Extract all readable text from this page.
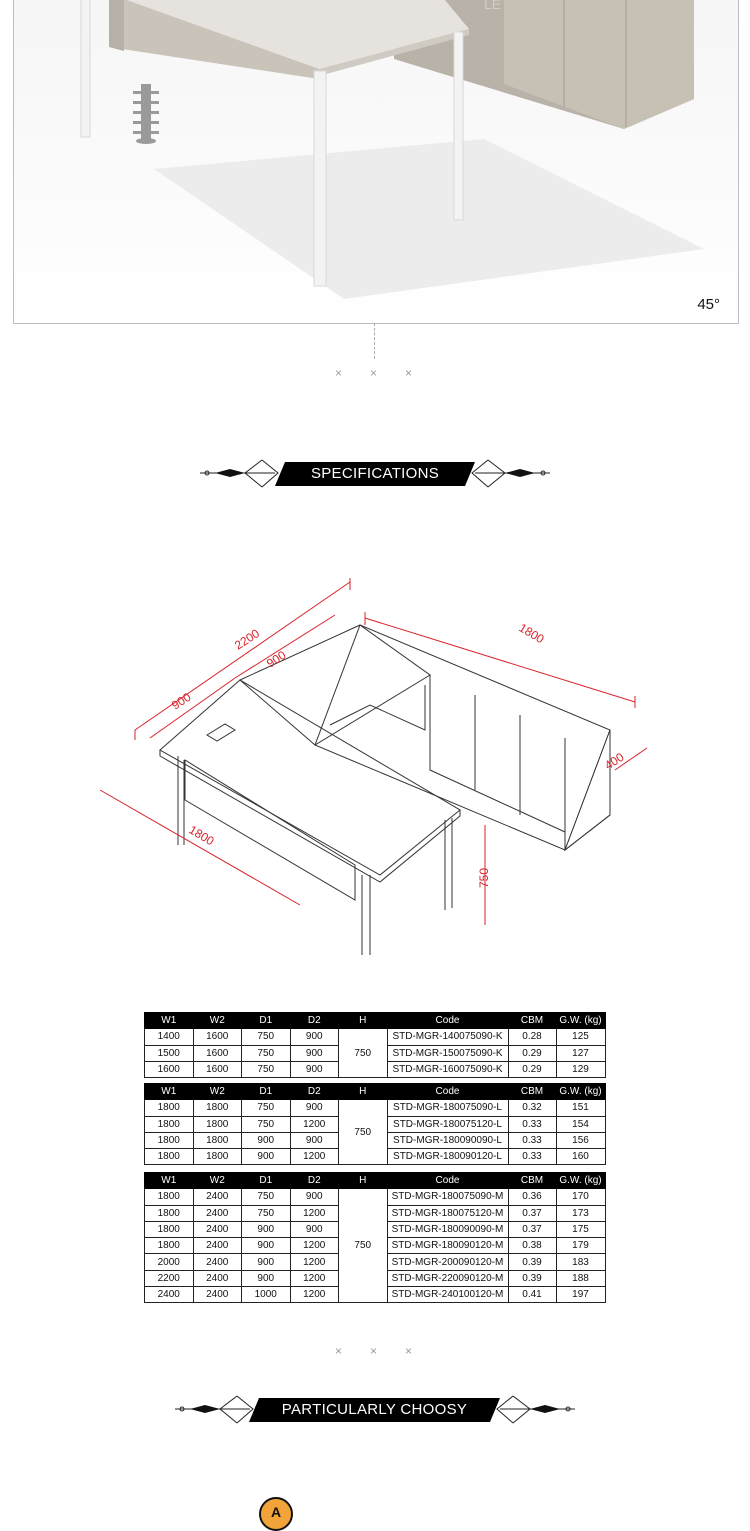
LE
45°
× × ×
SPECIFICATIONS
2200
900
900
1800
400
1800
750
W1	W2	D1	D2	H	Code	CBM	G.W. (kg)
1400	1600	750	900	750	STD-MGR-140075090-K	0.28	125
1500	1600	750	900		STD-MGR-150075090-K	0.29	127
1600	1600	750	900		STD-MGR-160075090-K	0.29	129
W1	W2	D1	D2	H	Code	CBM	G.W. (kg)
1800	1800	750	900	750	STD-MGR-180075090-L	0.32	151
1800	1800	750	1200		STD-MGR-180075120-L	0.33	154
1800	1800	900	900		STD-MGR-180090090-L	0.33	156
1800	1800	900	1200		STD-MGR-180090120-L	0.33	160
W1	W2	D1	D2	H	Code	CBM	G.W. (kg)
1800	2400	750	900	750	STD-MGR-180075090-M	0.36	170
1800	2400	750	1200		STD-MGR-180075120-M	0.37	173
1800	2400	900	900		STD-MGR-180090090-M	0.37	175
1800	2400	900	1200		STD-MGR-180090120-M	0.38	179
2000	2400	900	1200		STD-MGR-200090120-M	0.39	183
2200	2400	900	1200		STD-MGR-220090120-M	0.39	188
2400	2400	1000	1200		STD-MGR-240100120-M	0.41	197
× × ×
PARTICULARLY CHOOSY
A
